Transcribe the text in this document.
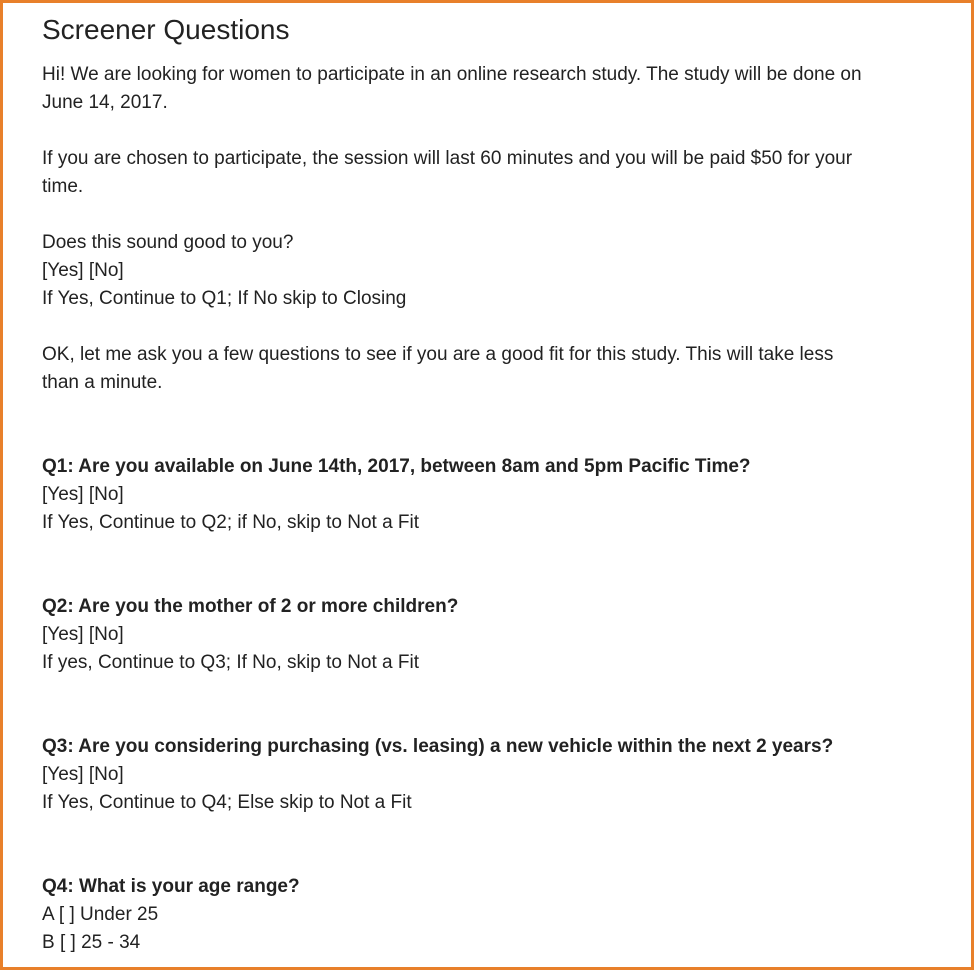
Screener Questions

Hi! We are looking for women to participate in an online research study. The study will be done on

June 14, 2017.

If you are chosen to participate, the session will last 60 minutes and you will be paid $50 for your

time.

Does this sound good to you?

[Yes] [No]

If Yes, Continue to Q1; If No skip to Closing

OK, let me ask you a few questions to see if you are a good fit for this study. This will take less

than a minute.

Q1: Are you available on June 14th, 2017, between 8am and 5pm Pacific Time?

[Yes] [No]

If Yes, Continue to Q2; if No, skip to Not a Fit

Q2: Are you the mother of 2 or more children?

[Yes] [No]

If yes, Continue to Q3; If No, skip to Not a Fit

Q3: Are you considering purchasing (vs. leasing) a new vehicle within the next 2 years?

[Yes] [No]

If Yes, Continue to Q4; Else skip to Not a Fit

Q4: What is your age range?

A [ ] Under 25

B [ ] 25 - 34
